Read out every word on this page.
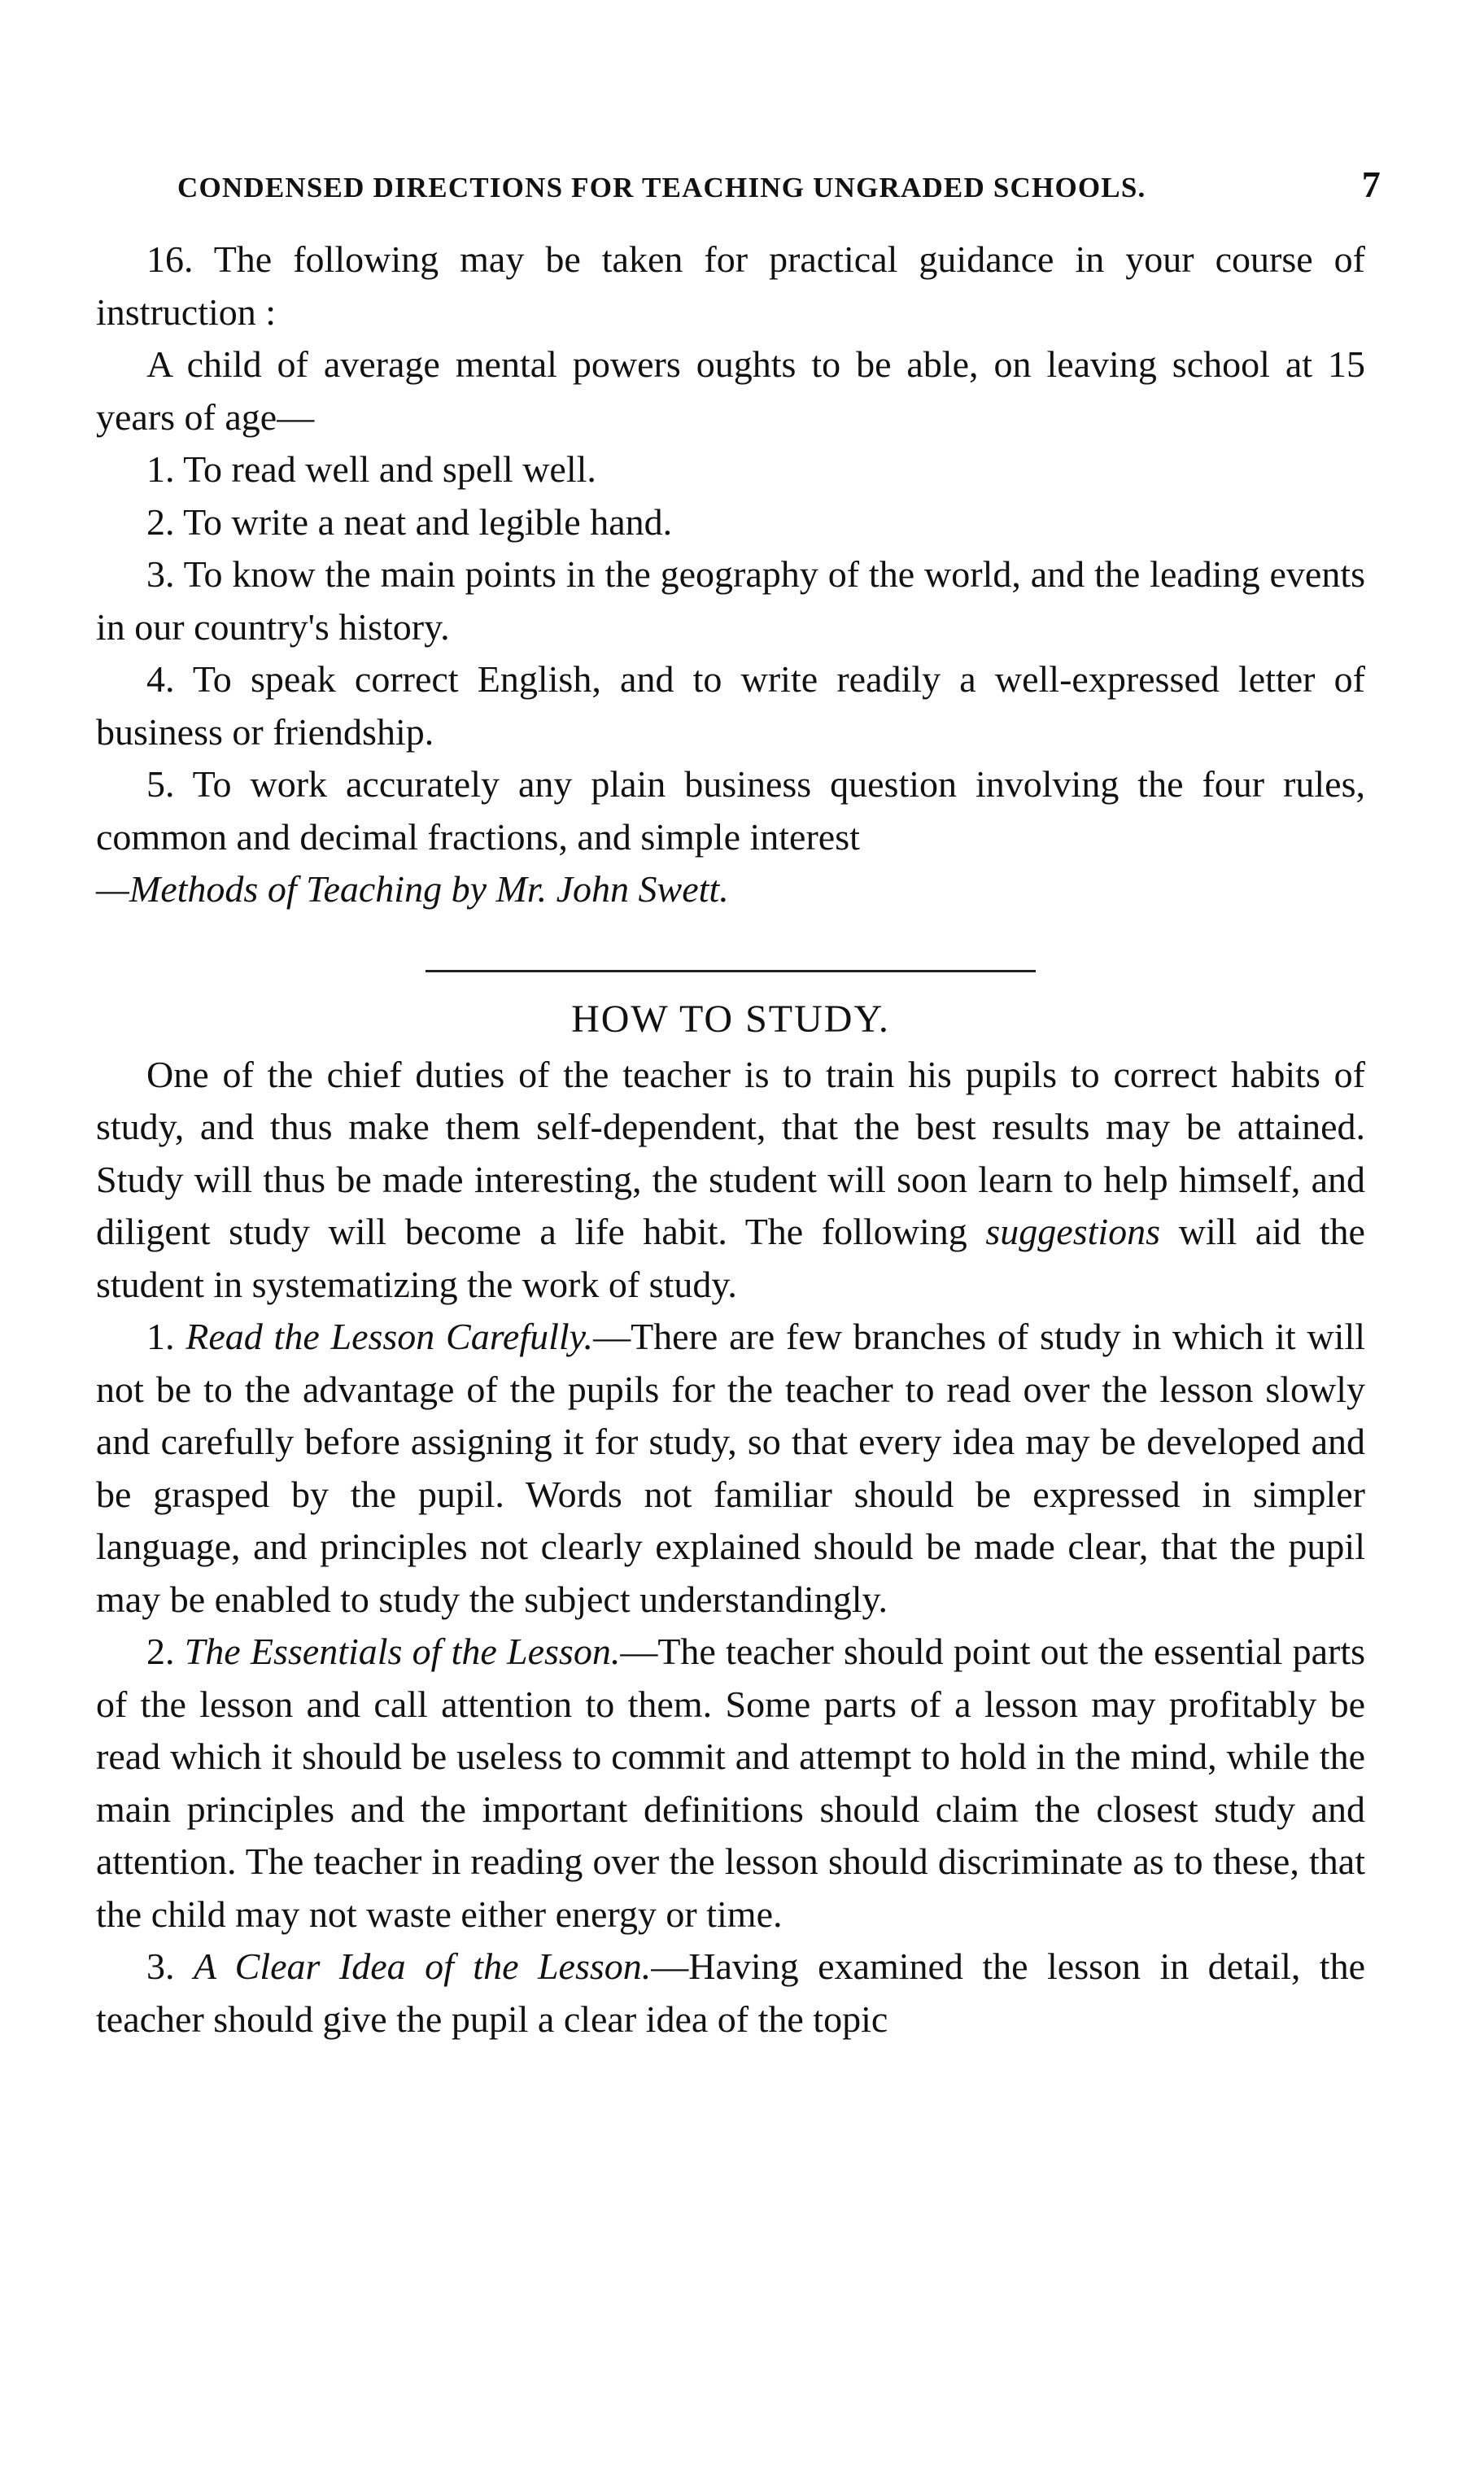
CONDENSED DIRECTIONS FOR TEACHING UNGRADED SCHOOLS.	7

16. The following may be taken for practical guidance in your course of instruction :

A child of average mental powers oughts to be able, on leaving school at 15 years of age—

1. To read well and spell well.

2. To write a neat and legible hand.

3. To know the main points in the geography of the world, and the leading events in our country's history.

4. To speak correct English, and to write readily a well-expressed letter of business or friendship.

5. To work accurately any plain business question involving the four rules, common and decimal fractions, and simple interest

—Methods of Teaching by Mr. John Swett.

HOW TO STUDY.

One of the chief duties of the teacher is to train his pupils to correct habits of study, and thus make them self-dependent, that the best results may be attained. Study will thus be made interesting, the student will soon learn to help himself, and diligent study will become a life habit. The following suggestions will aid the student in systematizing the work of study.

1. Read the Lesson Carefully.—There are few branches of study in which it will not be to the advantage of the pupils for the teacher to read over the lesson slowly and carefully before assigning it for study, so that every idea may be developed and be grasped by the pupil. Words not familiar should be expressed in simpler language, and principles not clearly explained should be made clear, that the pupil may be enabled to study the subject understandingly.

2. The Essentials of the Lesson.—The teacher should point out the essential parts of the lesson and call attention to them. Some parts of a lesson may profitably be read which it should be useless to commit and attempt to hold in the mind, while the main principles and the important definitions should claim the closest study and attention. The teacher in reading over the lesson should discriminate as to these, that the child may not waste either energy or time.

3. A Clear Idea of the Lesson.—Having examined the lesson in detail, the teacher should give the pupil a clear idea of the topic
